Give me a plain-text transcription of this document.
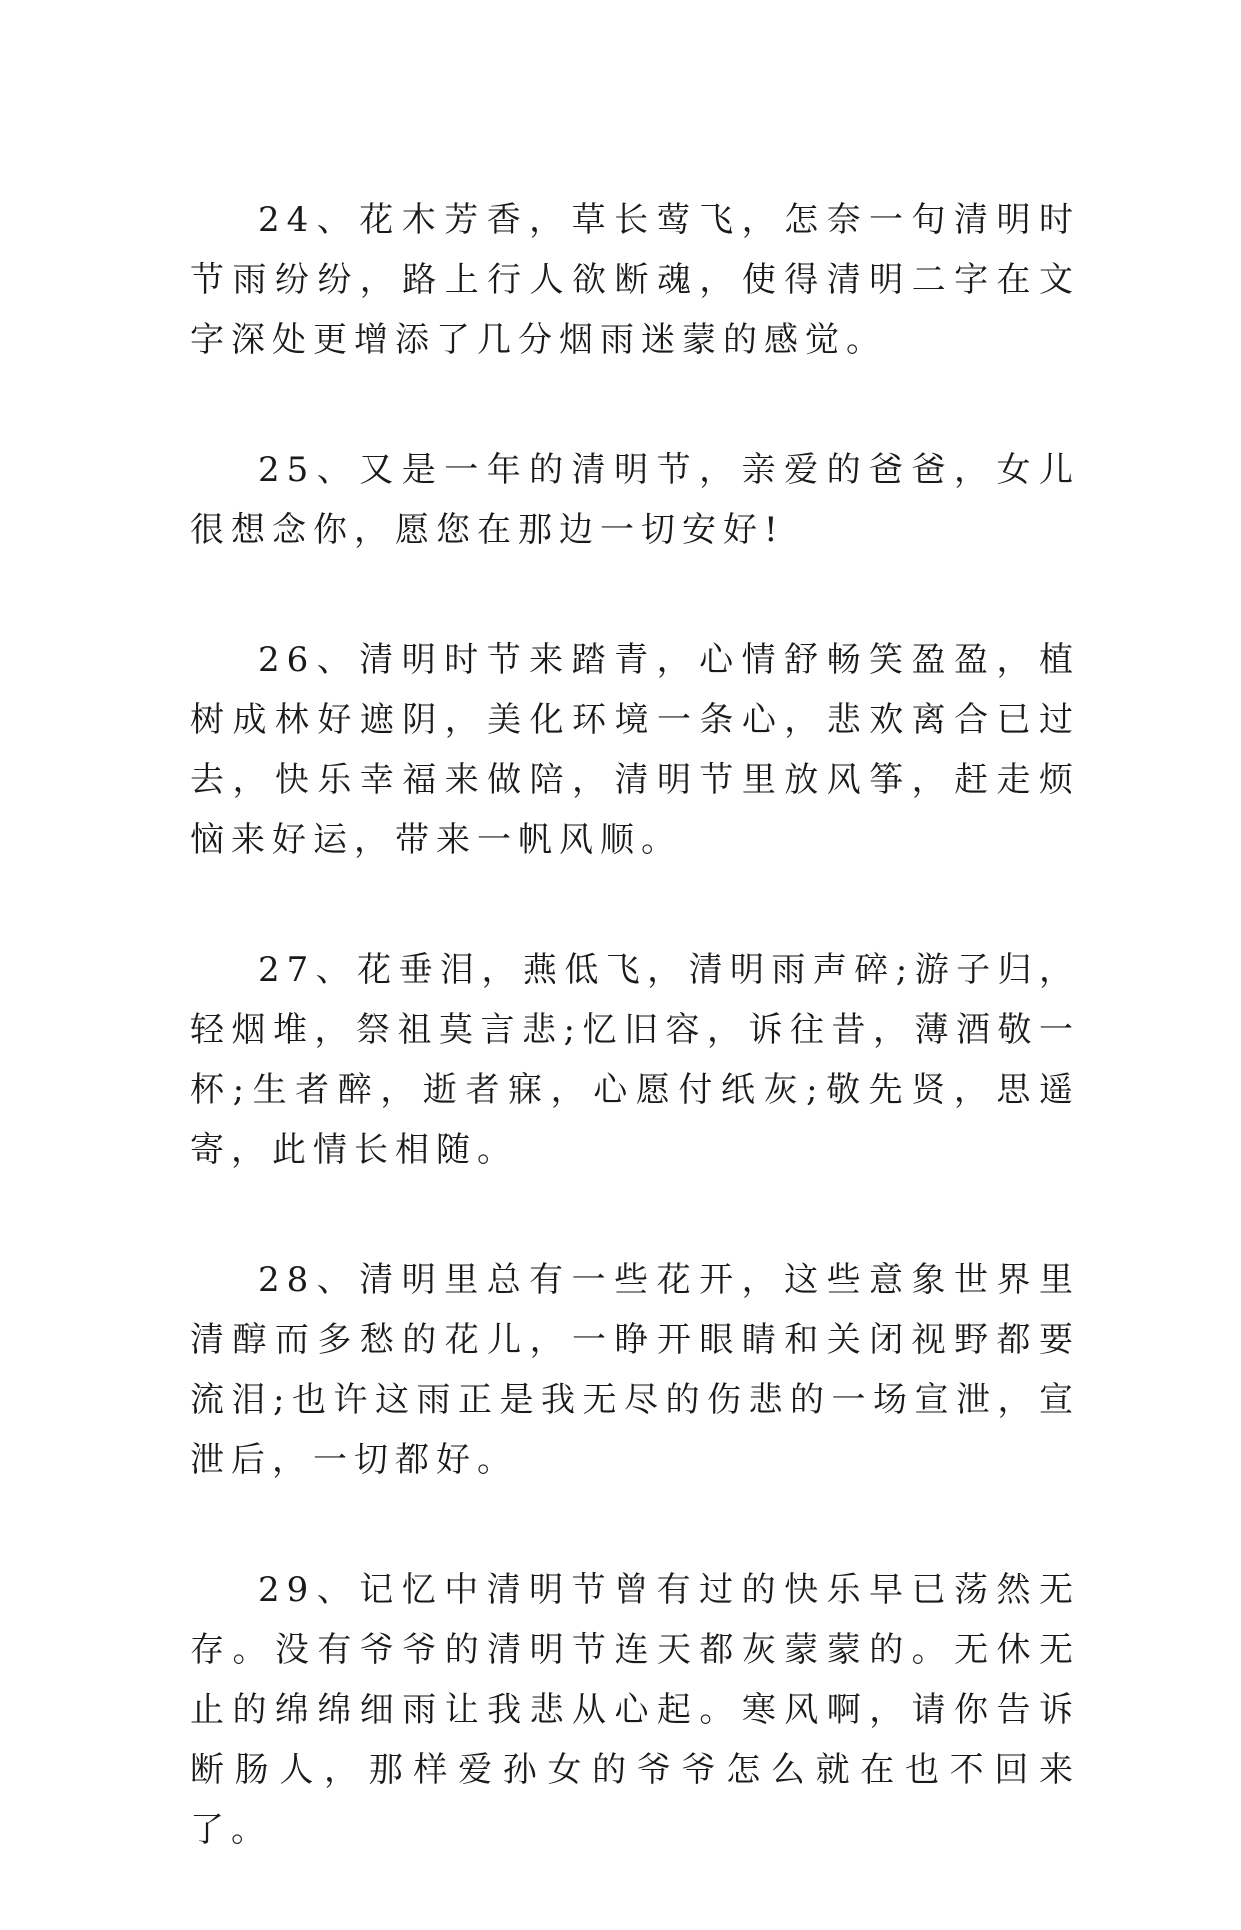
24、花木芳香，草长莺飞，怎奈一句清明时节雨纷纷，路上行人欲断魂，使得清明二字在文字深处更增添了几分烟雨迷蒙的感觉。

25、又是一年的清明节，亲爱的爸爸，女儿很想念你，愿您在那边一切安好!

26、清明时节来踏青，心情舒畅笑盈盈，植树成林好遮阴，美化环境一条心，悲欢离合已过去，快乐幸福来做陪，清明节里放风筝，赶走烦恼来好运，带来一帆风顺。

27、花垂泪，燕低飞，清明雨声碎;游子归，轻烟堆，祭祖莫言悲;忆旧容，诉往昔，薄酒敬一杯;生者醉，逝者寐，心愿付纸灰;敬先贤，思遥寄，此情长相随。

28、清明里总有一些花开，这些意象世界里清醇而多愁的花儿，一睁开眼睛和关闭视野都要流泪;也许这雨正是我无尽的伤悲的一场宣泄，宣泄后，一切都好。

29、记忆中清明节曾有过的快乐早已荡然无存。没有爷爷的清明节连天都灰蒙蒙的。无休无止的绵绵细雨让我悲从心起。寒风啊，请你告诉断肠人，那样爱孙女的爷爷怎么就在也不回来了。
